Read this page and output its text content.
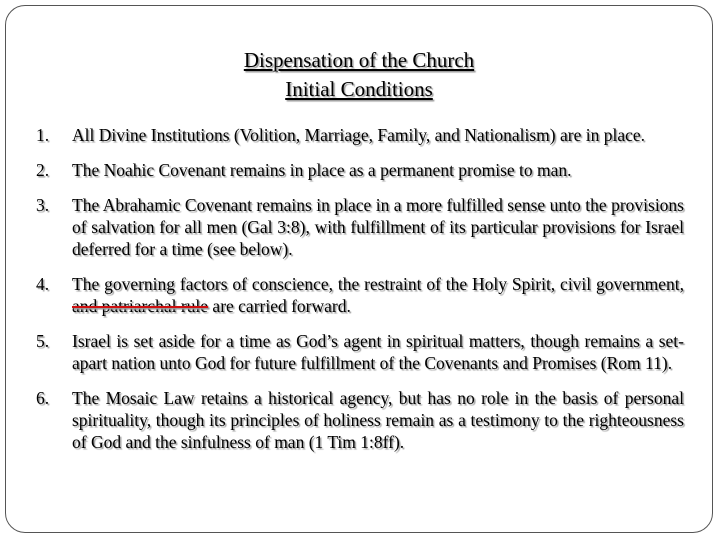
Dispensation of the Church
Initial Conditions
1.	All Divine Institutions (Volition, Marriage, Family, and Nationalism) are in place.
2.	The Noahic Covenant remains in place as a permanent promise to man.
3.	The Abrahamic Covenant remains in place in a more fulfilled sense unto the provisions of salvation for all men (Gal 3:8), with fulfillment of its particular provisions for Israel deferred for a time (see below).
4.	The governing factors of conscience, the restraint of the Holy Spirit, civil government, and patriarchal rule are carried forward.
5.	Israel is set aside for a time as God’s agent in spiritual matters, though remains a set-apart nation unto God for future fulfillment of the Covenants and Promises (Rom 11).
6.	The Mosaic Law retains a historical agency, but has no role in the basis of personal spirituality, though its principles of holiness remain as a testimony to the righteousness of God and the sinfulness of man (1 Tim 1:8ff).
